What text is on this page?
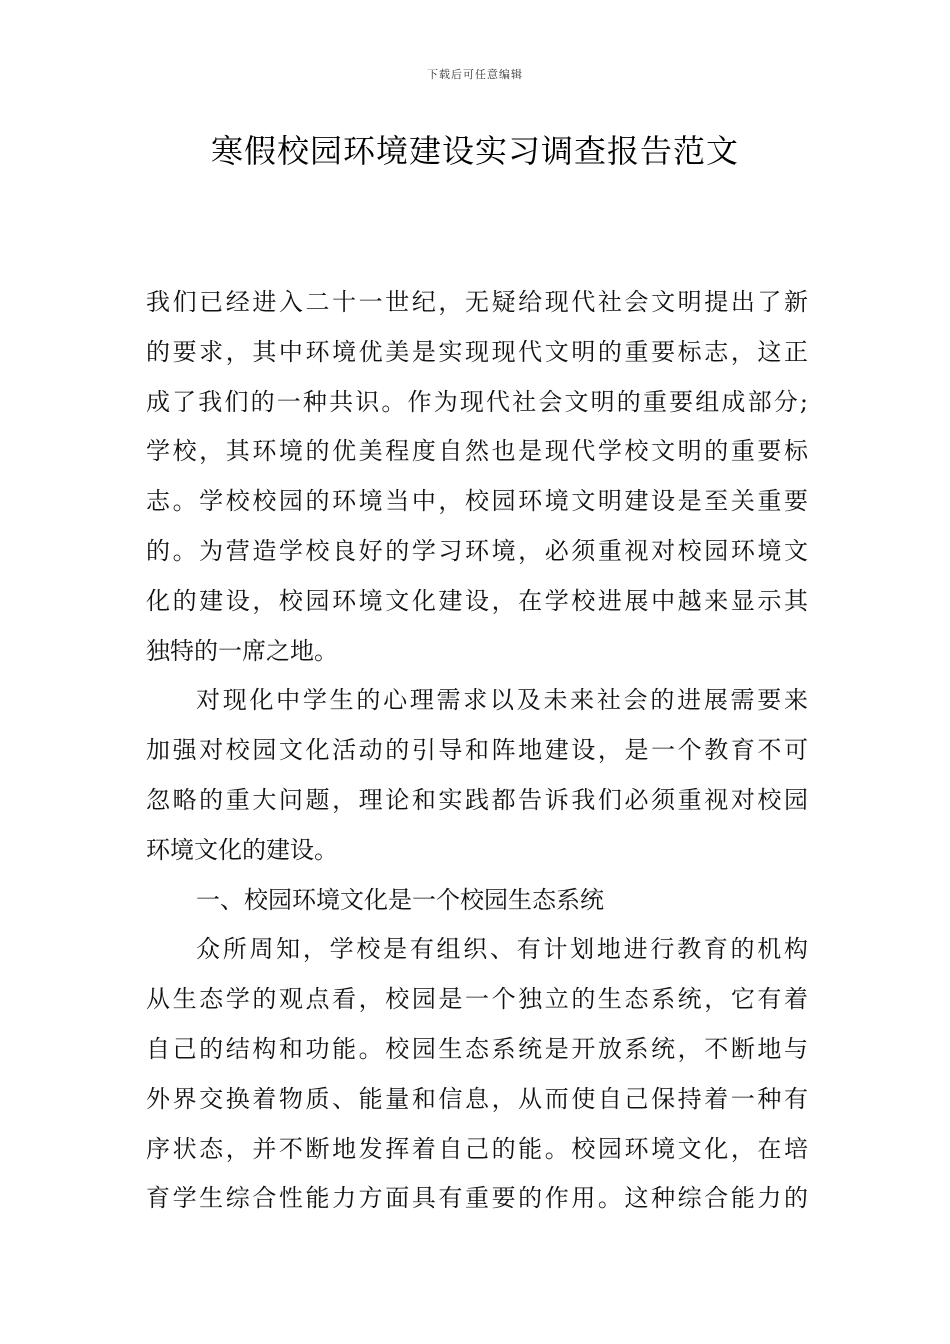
下载后可任意编辑
寒假校园环境建设实习调查报告范文
我们已经进入二十一世纪，无疑给现代社会文明提出了新
的要求，其中环境优美是实现现代文明的重要标志，这正
成了我们的一种共识。作为现代社会文明的重要组成部分;
学校，其环境的优美程度自然也是现代学校文明的重要标
志。学校校园的环境当中，校园环境文明建设是至关重要
的。为营造学校良好的学习环境，必须重视对校园环境文
化的建设，校园环境文化建设，在学校进展中越来显示其
独特的一席之地。
对现化中学生的心理需求以及未来社会的进展需要来
加强对校园文化活动的引导和阵地建设，是一个教育不可
忽略的重大问题，理论和实践都告诉我们必须重视对校园
环境文化的建设。
一、校园环境文化是一个校园生态系统
众所周知，学校是有组织、有计划地进行教育的机构
从生态学的观点看，校园是一个独立的生态系统，它有着
自己的结构和功能。校园生态系统是开放系统，不断地与
外界交换着物质、能量和信息，从而使自己保持着一种有
序状态，并不断地发挥着自己的能。校园环境文化，在培
育学生综合性能力方面具有重要的作用。这种综合能力的
